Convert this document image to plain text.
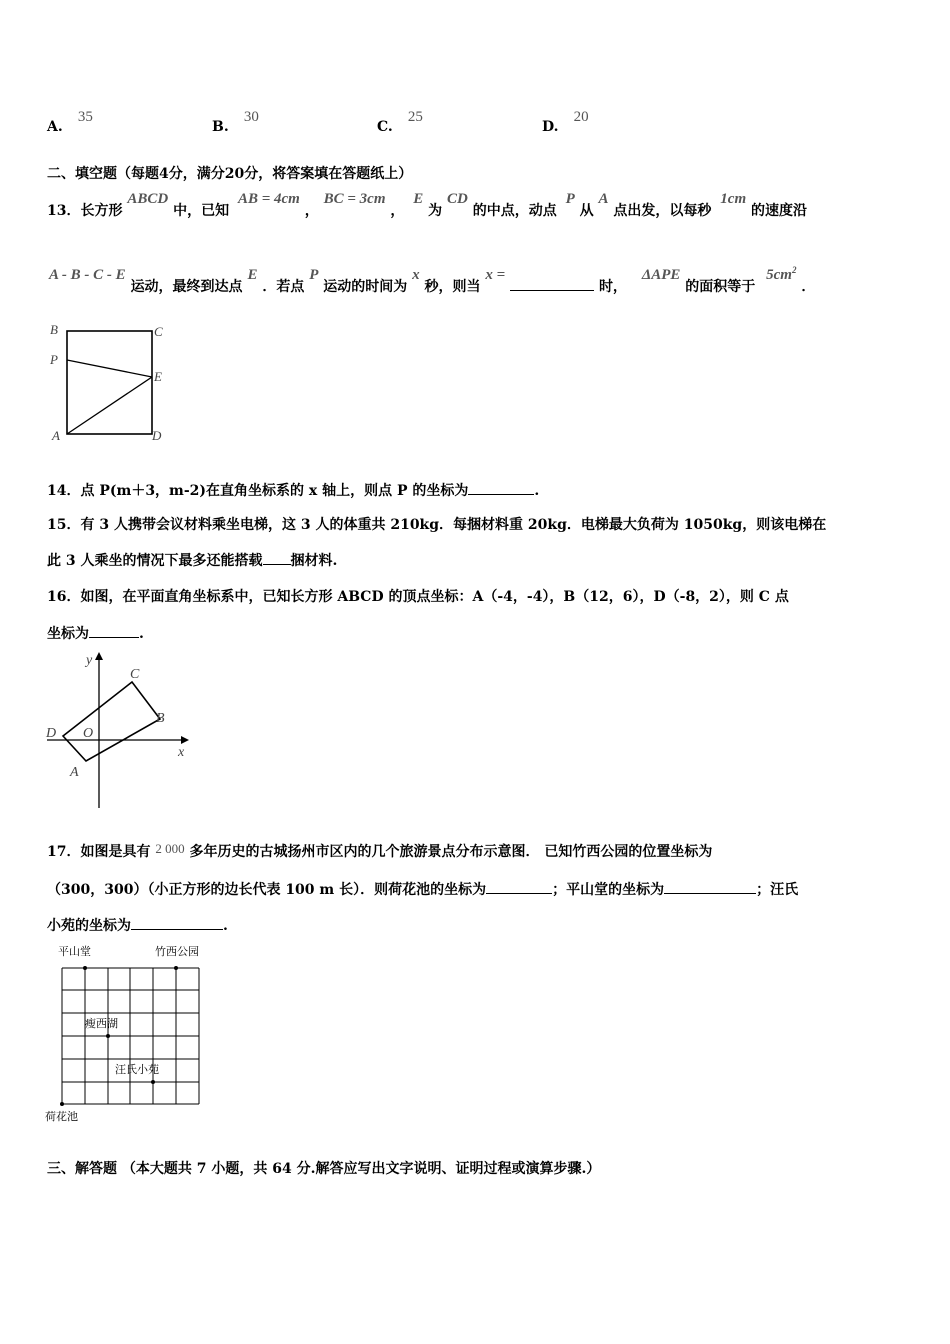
A. 35
B. 30
C. 25
D. 20
二、填空题（每题4分，满分20分，将答案填在答题纸上）
13．长方形 ABCD 中，已知 AB = 4cm ， BC = 3cm ， E 为 CD 的中点，动点 P 从 A 点出发，以每秒 1cm 的速度沿
A - B - C - E 运动，最终到达点 E ．若点 P 运动的时间为 x 秒，则当 x =  时， ΔAPE 的面积等于 $5cm^2$ ．
B	C
P
E
A	D
14．点 P(m＋3，m-2)在直角坐标系的 x 轴上，则点 P 的坐标为	.
15．有 3 人携带会议材料乘坐电梯，这 3 人的体重共 210kg．每捆材料重 20kg．电梯最大负荷为 1050kg，则该电梯在
此 3 人乘坐的情况下最多还能搭载 捆材料.
16．如图，在平面直角坐标系中，已知长方形 ABCD 的顶点坐标：A（-4，-4），B（12，6），D（-8，2），则 C 点
坐标为	.
y
x
C
B
D O
A
17．如图是具有 2 000 多年历史的古城扬州市区内的几个旅游景点分布示意图． 已知竹西公园的位置坐标为
（300，300）（小正方形的边长代表 100 m 长）．则荷花池的坐标为	；平山堂的坐标为	；汪氏
小苑的坐标为	.
平山堂	竹西公园
瘦西湖
汪氏小苑
荷花池
三、解答题 （本大题共 7 小题，共 64 分.解答应写出文字说明、证明过程或演算步骤.）
